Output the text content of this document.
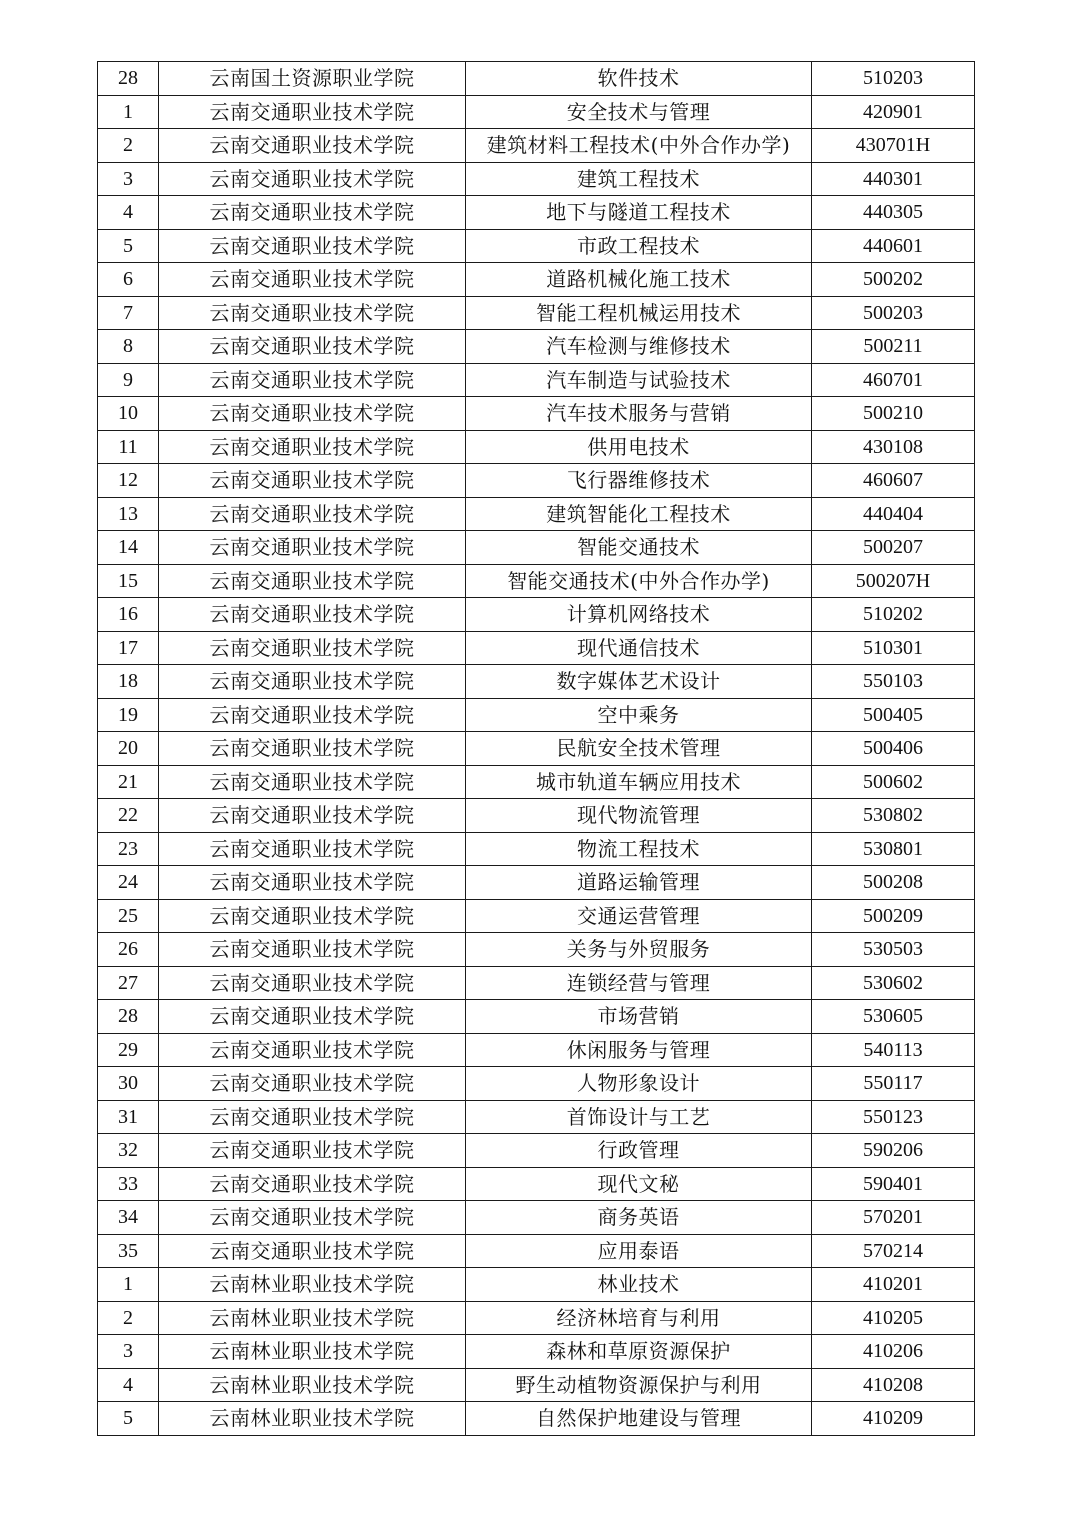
28	云南国土资源职业学院	软件技术	510203
1	云南交通职业技术学院	安全技术与管理	420901
2	云南交通职业技术学院	建筑材料工程技术(中外合作办学)	430701H
3	云南交通职业技术学院	建筑工程技术	440301
4	云南交通职业技术学院	地下与隧道工程技术	440305
5	云南交通职业技术学院	市政工程技术	440601
6	云南交通职业技术学院	道路机械化施工技术	500202
7	云南交通职业技术学院	智能工程机械运用技术	500203
8	云南交通职业技术学院	汽车检测与维修技术	500211
9	云南交通职业技术学院	汽车制造与试验技术	460701
10	云南交通职业技术学院	汽车技术服务与营销	500210
11	云南交通职业技术学院	供用电技术	430108
12	云南交通职业技术学院	飞行器维修技术	460607
13	云南交通职业技术学院	建筑智能化工程技术	440404
14	云南交通职业技术学院	智能交通技术	500207
15	云南交通职业技术学院	智能交通技术(中外合作办学)	500207H
16	云南交通职业技术学院	计算机网络技术	510202
17	云南交通职业技术学院	现代通信技术	510301
18	云南交通职业技术学院	数字媒体艺术设计	550103
19	云南交通职业技术学院	空中乘务	500405
20	云南交通职业技术学院	民航安全技术管理	500406
21	云南交通职业技术学院	城市轨道车辆应用技术	500602
22	云南交通职业技术学院	现代物流管理	530802
23	云南交通职业技术学院	物流工程技术	530801
24	云南交通职业技术学院	道路运输管理	500208
25	云南交通职业技术学院	交通运营管理	500209
26	云南交通职业技术学院	关务与外贸服务	530503
27	云南交通职业技术学院	连锁经营与管理	530602
28	云南交通职业技术学院	市场营销	530605
29	云南交通职业技术学院	休闲服务与管理	540113
30	云南交通职业技术学院	人物形象设计	550117
31	云南交通职业技术学院	首饰设计与工艺	550123
32	云南交通职业技术学院	行政管理	590206
33	云南交通职业技术学院	现代文秘	590401
34	云南交通职业技术学院	商务英语	570201
35	云南交通职业技术学院	应用泰语	570214
1	云南林业职业技术学院	林业技术	410201
2	云南林业职业技术学院	经济林培育与利用	410205
3	云南林业职业技术学院	森林和草原资源保护	410206
4	云南林业职业技术学院	野生动植物资源保护与利用	410208
5	云南林业职业技术学院	自然保护地建设与管理	410209
